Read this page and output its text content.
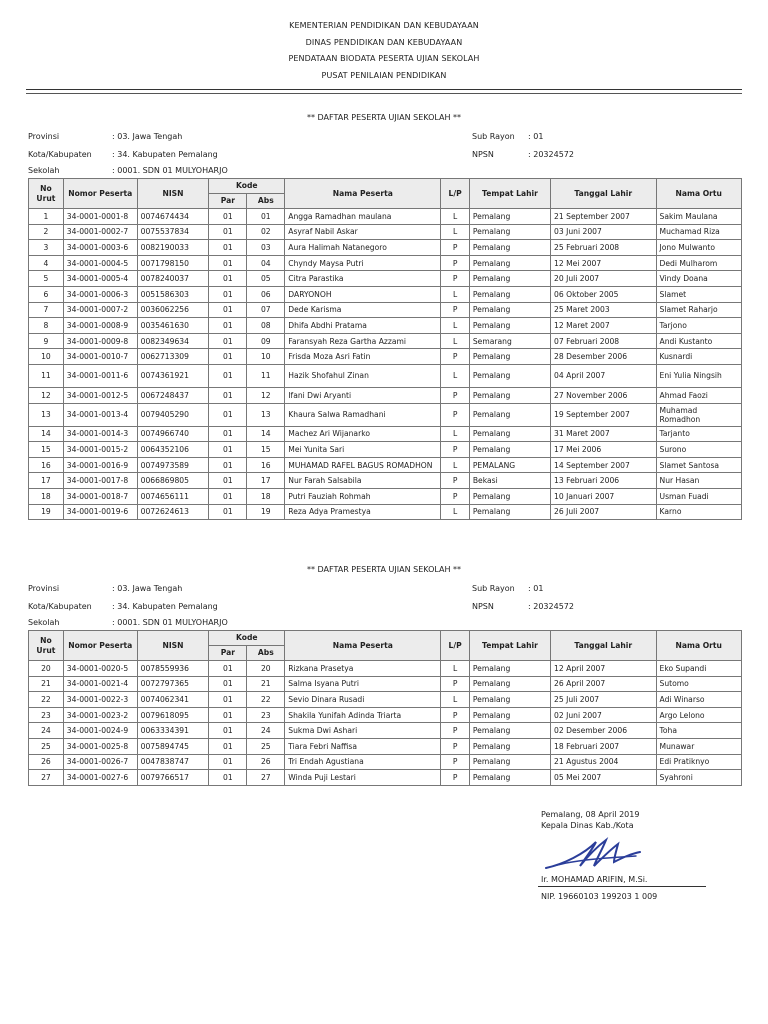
KEMENTERIAN PENDIDIKAN DAN KEBUDAYAAN
DINAS PENDIDIKAN DAN KEBUDAYAAN
PENDATAAN BIODATA PESERTA UJIAN SEKOLAH
PUSAT PENILAIAN PENDIDIKAN
** DAFTAR PESERTA UJIAN SEKOLAH **
Provinsi	: 03. Jawa Tengah
Kota/Kabupaten	: 34. Kabupaten Pemalang
Sekolah	: 0001. SDN 01 MULYOHARJO
Sub Rayon : 01
NPSN	: 20324572
No Urut	Nomor Peserta	NISN	Kode		Nama Peserta	L/P	Tempat Lahir	Tanggal Lahir	Nama Ortu
			Par	Abs					
1	34-0001-0001-8	0074674434	01	01	Angga Ramadhan maulana	L	Pemalang	21 September 2007	Sakim Maulana
2	34-0001-0002-7	0075537834	01	02	Asyraf Nabil Askar	L	Pemalang	03 Juni 2007	Muchamad Riza
3	34-0001-0003-6	0082190033	01	03	Aura Halimah Natanegoro	P	Pemalang	25 Februari 2008	Jono Mulwanto
4	34-0001-0004-5	0071798150	01	04	Chyndy Maysa Putri	P	Pemalang	12 Mei 2007	Dedi Mulharom
5	34-0001-0005-4	0078240037	01	05	Citra Parastika	P	Pemalang	20 Juli 2007	Vindy Doana
6	34-0001-0006-3	0051586303	01	06	DARYONOH	L	Pemalang	06 Oktober 2005	Slamet
7	34-0001-0007-2	0036062256	01	07	Dede Karisma	P	Pemalang	25 Maret 2003	Slamet Raharjo
8	34-0001-0008-9	0035461630	01	08	Dhifa Abdhi Pratama	L	Pemalang	12 Maret 2007	Tarjono
9	34-0001-0009-8	0082349634	01	09	Faransyah Reza Gartha Azzami	L	Semarang	07 Februari 2008	Andi Kustanto
10	34-0001-0010-7	0062713309	01	10	Frisda Moza Asri Fatin	P	Pemalang	28 Desember 2006	Kusnardi
11	34-0001-0011-6	0074361921	01	11	Hazik Shofahul Zinan	L	Pemalang	04 April 2007	Eni Yulia Ningsih
12	34-0001-0012-5	0067248437	01	12	Ifani Dwi Aryanti	P	Pemalang	27 November 2006	Ahmad Faozi
13	34-0001-0013-4	0079405290	01	13	Khaura Salwa Ramadhani	P	Pemalang	19 September 2007	Muhamad Romadhon
14	34-0001-0014-3	0074966740	01	14	Machez Ari Wijanarko	L	Pemalang	31 Maret 2007	Tarjanto
15	34-0001-0015-2	0064352106	01	15	Mei Yunita Sari	P	Pemalang	17 Mei 2006	Surono
16	34-0001-0016-9	0074973589	01	16	MUHAMAD RAFEL BAGUS ROMADHON	L	PEMALANG	14 September 2007	Slamet Santosa
17	34-0001-0017-8	0066869805	01	17	Nur Farah Salsabila	P	Bekasi	13 Februari 2006	Nur Hasan
18	34-0001-0018-7	0074656111	01	18	Putri Fauziah Rohmah	P	Pemalang	10 Januari 2007	Usman Fuadi
19	34-0001-0019-6	0072624613	01	19	Reza Adya Pramestya	L	Pemalang	26 Juli 2007	Karno
** DAFTAR PESERTA UJIAN SEKOLAH **
Provinsi	: 03. Jawa Tengah
Kota/Kabupaten	: 34. Kabupaten Pemalang
Sekolah	: 0001. SDN 01 MULYOHARJO
Sub Rayon : 01
NPSN	: 20324572
No Urut	Nomor Peserta	NISN	Kode		Nama Peserta	L/P	Tempat Lahir	Tanggal Lahir	Nama Ortu
			Par	Abs					
20	34-0001-0020-5	0078559936	01	20	Rizkana Prasetya	L	Pemalang	12 April 2007	Eko Supandi
21	34-0001-0021-4	0072797365	01	21	Salma Isyana Putri	P	Pemalang	26 April 2007	Sutomo
22	34-0001-0022-3	0074062341	01	22	Sevio Dinara Rusadi	L	Pemalang	25 Juli 2007	Adi Winarso
23	34-0001-0023-2	0079618095	01	23	Shakila Yunifah Adinda Triarta	P	Pemalang	02 Juni 2007	Argo Lelono
24	34-0001-0024-9	0063334391	01	24	Sukma Dwi Ashari	P	Pemalang	02 Desember 2006	Toha
25	34-0001-0025-8	0075894745	01	25	Tiara Febri Naffisa	P	Pemalang	18 Februari 2007	Munawar
26	34-0001-0026-7	0047838747	01	26	Tri Endah Agustiana	P	Pemalang	21 Agustus 2004	Edi Pratiknyo
27	34-0001-0027-6	0079766517	01	27	Winda Puji Lestari	P	Pemalang	05 Mei 2007	Syahroni
Pemalang, 08 April 2019
Kepala Dinas Kab./Kota
Ir. MOHAMAD ARIFIN, M.Si.
NIP. 19660103 199203 1 009
